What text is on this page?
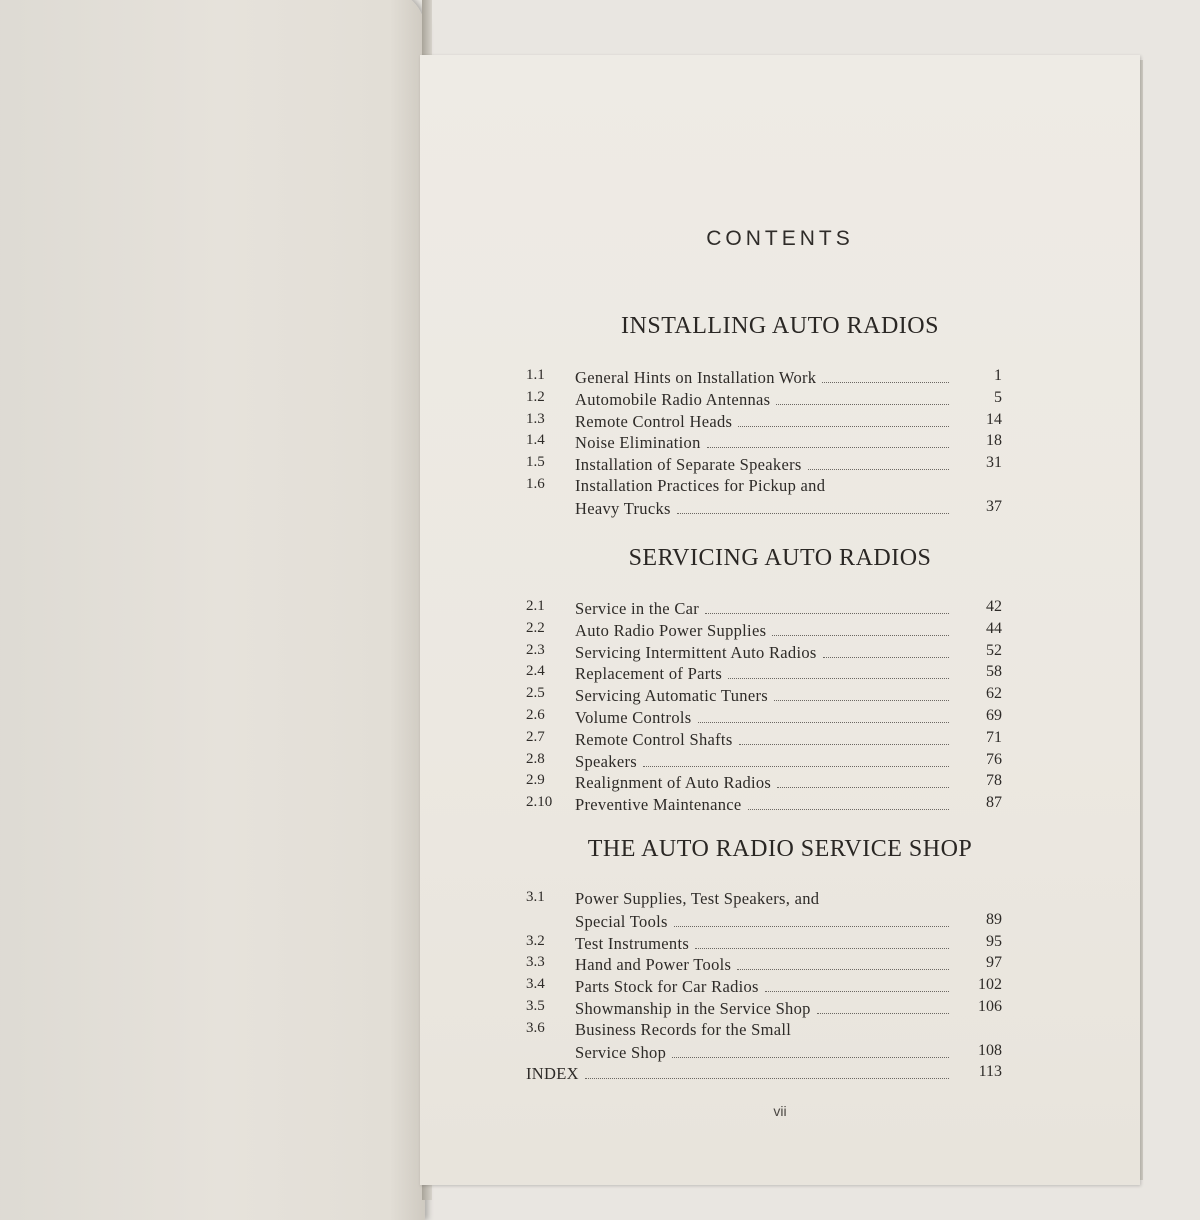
CONTENTS
INSTALLING AUTO RADIOS
1.1 General Hints on Installation Work	1
1.2 Automobile Radio Antennas	5
1.3 Remote Control Heads	14
1.4 Noise Elimination	18
1.5 Installation of Separate Speakers	31
1.6 Installation Practices for Pickup and
Heavy Trucks	37
SERVICING AUTO RADIOS
2.1 Service in the Car	42
2.2 Auto Radio Power Supplies	44
2.3 Servicing Intermittent Auto Radios	52
2.4 Replacement of Parts	58
2.5 Servicing Automatic Tuners	62
2.6 Volume Controls	69
2.7 Remote Control Shafts	71
2.8 Speakers	76
2.9 Realignment of Auto Radios	78
2.10 Preventive Maintenance	87
THE AUTO RADIO SERVICE SHOP
3.1 Power Supplies, Test Speakers, and
Special Tools	89
3.2 Test Instruments	95
3.3 Hand and Power Tools	97
3.4 Parts Stock for Car Radios	102
3.5 Showmanship in the Service Shop	106
3.6 Business Records for the Small
Service Shop	108
INDEX	113
vii
